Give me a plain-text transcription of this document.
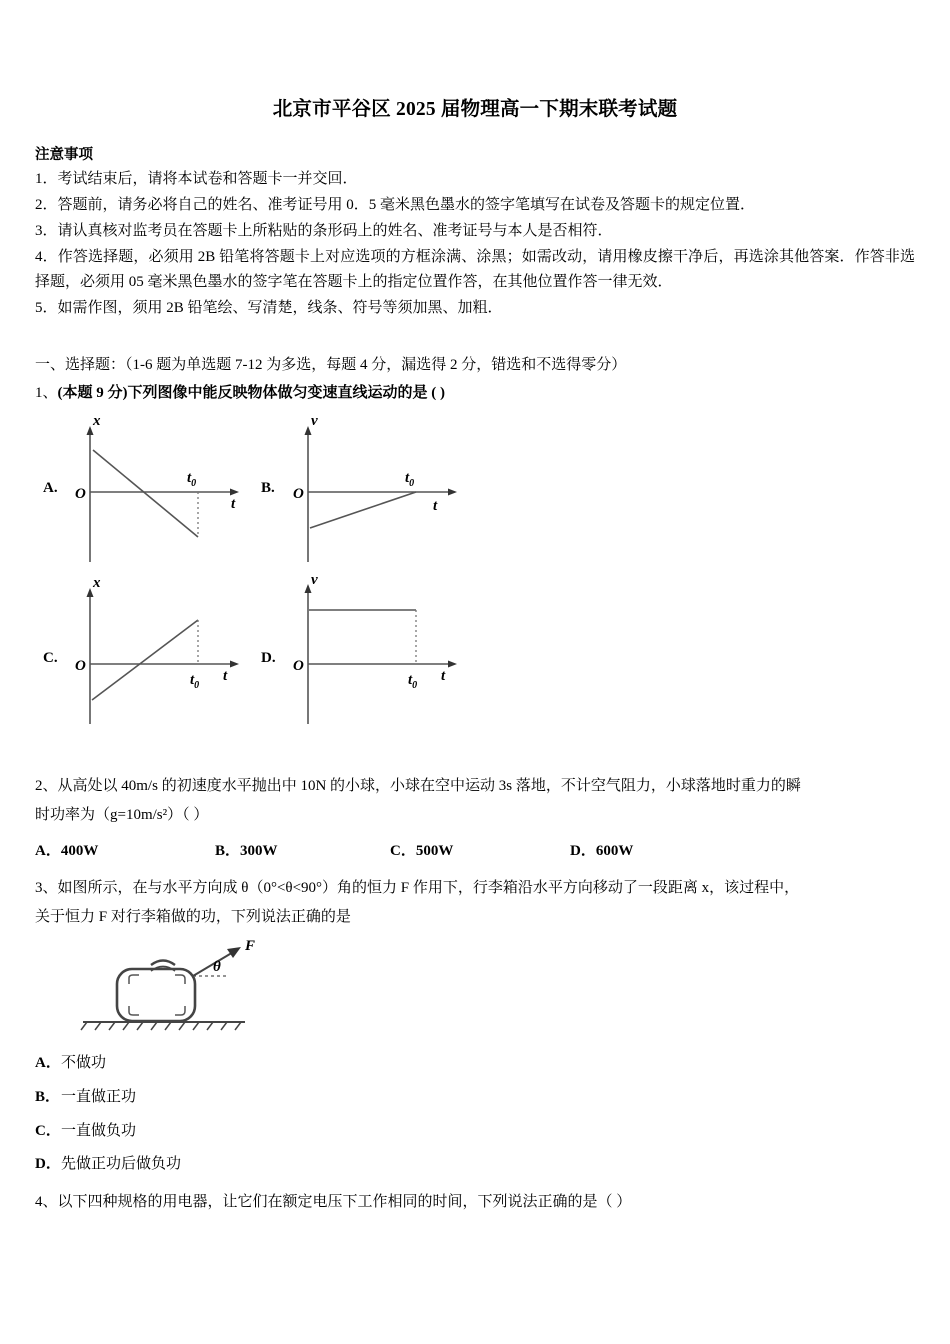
北京市平谷区 2025 届物理高一下期末联考试题
注意事项
1．考试结束后，请将本试卷和答题卡一并交回．
2．答题前，请务必将自己的姓名、准考证号用 0．5 毫米黑色墨水的签字笔填写在试卷及答题卡的规定位置．
3．请认真核对监考员在答题卡上所粘贴的条形码上的姓名、准考证号与本人是否相符．
4．作答选择题，必须用 2B 铅笔将答题卡上对应选项的方框涂满、涂黑；如需改动，请用橡皮擦干净后，再选涂其他答案．作答非选择题，必须用 05 毫米黑色墨水的签字笔在答题卡上的指定位置作答，在其他位置作答一律无效．
5．如需作图，须用 2B 铅笔绘、写清楚，线条、符号等须加黑、加粗．
一、选择题：（1-6 题为单选题 7-12 为多选，每题 4 分，漏选得 2 分，错选和不选得零分）
1、(本题 9 分)下列图像中能反映物体做匀变速直线运动的是 ( )
A. O
x
t
$t_0$	B. O
v
t
$t_0$
C. O
x
t
$t_0$
D. O
v
t
$t_0$
2、从高处以 40m/s 的初速度水平抛出中 10N 的小球，小球在空中运动 3s 落地，不计空气阻力，小球落地时重力的瞬
时功率为（g=10m/s²）（ ）
A．400W	B．300W	C．500W	D．600W
3、如图所示，在与水平方向成 θ（0°<θ<90°）角的恒力 F 作用下，行李箱沿水平方向移动了一段距离 x，该过程中，
关于恒力 F 对行李箱做的功，下列说法正确的是
F
θ
A．不做功
B．一直做正功
C．一直做负功
D．先做正功后做负功
4、以下四种规格的用电器，让它们在额定电压下工作相同的时间，下列说法正确的是（ ）
